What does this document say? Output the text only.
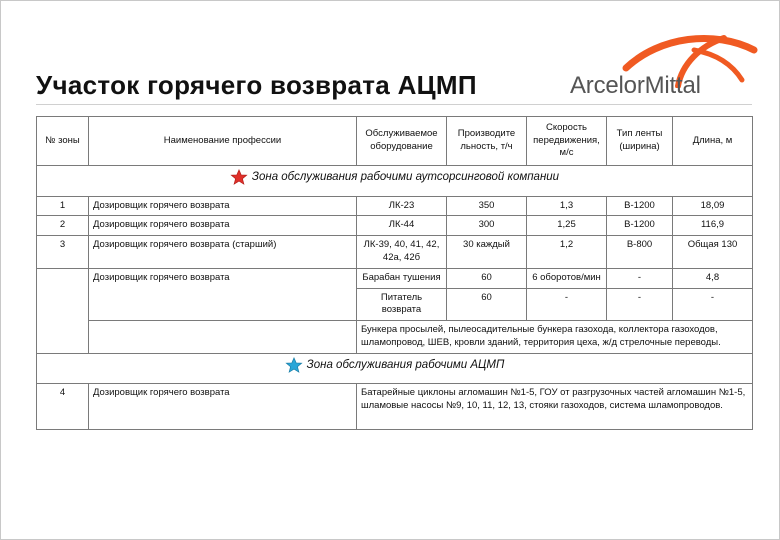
Участок горячего возврата АЦМП	ArcelorMittal
№ зоны	Наименование профессии	Обслуживаемое оборудование	Производите льность, т/ч	Скорость передвижения, м/с	Тип ленты (ширина)	Длина, м

Зона обслуживания рабочими аутсорсинговой компании						

1	Дозировщик горячего возврата	ЛК-23	350	1,3	В-1200	18,09
2	Дозировщик горячего возврата	ЛК-44	300	1,25	В-1200	116,9
3	Дозировщик горячего возврата (старший)	ЛК-39, 40, 41, 42, 42а, 42б	30 каждый	1,2	В-800	Общая 130
	Дозировщик горячего возврата	Барабан тушения	60	6 оборотов/мин	-	4,8
		Питатель возврата	60	-	-	-
		Бункера просылей, пылеосадительные бункера газохода, коллектора газоходов, шламопровод, ШЕВ, кровли зданий, территория цеха, ж/д стрелочные переводы.				

Зона обслуживания рабочими АЦМП						

4	Дозировщик горячего возврата	Батарейные циклоны агломашин №1-5, ГОУ от разгрузочных частей агломашин №1-5, шламовые насосы №9, 10, 11, 12, 13, стояки газоходов, система шламопроводов.				
